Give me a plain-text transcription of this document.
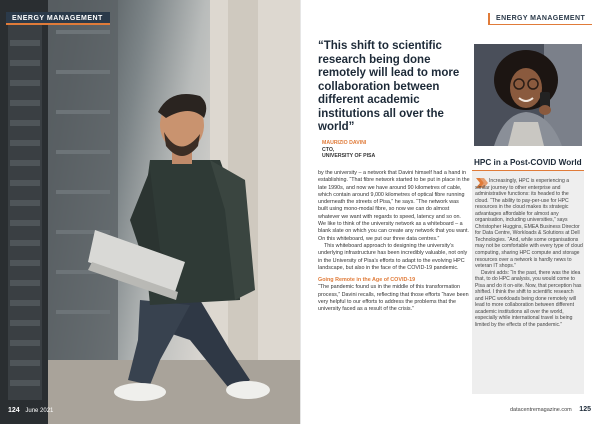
ENERGY MANAGEMENT
124 June 2021
“This shift to scientific research being done remotely will lead to more collaboration between different academic institutions all over the world”
MAURIZIO DAVINI
CTO,
UNIVERSITY OF PISA

by the university – a network that Davini himself had a hand in establishing. “That fibre network started to be put in place in the late 1990s, and now we have around 90 kilometres of cable, which contain around 9,000 kilometres of optical fibre running underneath the streets of Pisa,” he says. “The network was built using mono-modal fibre, so now we can do almost whatever we want with regards to speed, latency and so on. We like to think of the university network as a whiteboard – a blank slate on which you can create any network that you want. On this whiteboard, we put our three data centres.”

This whiteboard approach to designing the university’s underlying infrastructure has been incredibly valuable, not only in the University of Pisa’s efforts to adapt to the evolving HPC landscape, but also in the face of the COVID-19 pandemic.

Going Remote in the Age of COVID-19

“The pandemic found us in the middle of this transformation process,” Davini recalls, reflecting that those efforts “have been very helpful to our efforts to address the problems that the university faced as a result of the crisis.”

ENERGY MANAGEMENT
HPC in a Post-COVID World

Increasingly, HPC is experiencing a similar journey to other enterprise and administrative functions: its headed to the cloud. “The ability to pay-per-use for HPC resources in the cloud makes its strategic advantages affordable for almost any organisation, including universities,” says Christopher Huggins, EMEA Business Director for Data Centre, Workloads & Solutions at Dell Technologies. “And, while some organisations may not be comfortable with every type of cloud computing, sharing HPC compute and storage resources over a network is hardly news to veteran IT shops.”

Davini adds: “In the past, there was the idea that, to do HPC analysis, you would come to Pisa and do it on-site. Now, that perception has shifted. I think the shift to scientific research and HPC workloads being done remotely will lead to more collaboration between different academic institutions all over the world, especially while international travel is being limited by the effects of the pandemic.”

datacentremagazine.com 125
